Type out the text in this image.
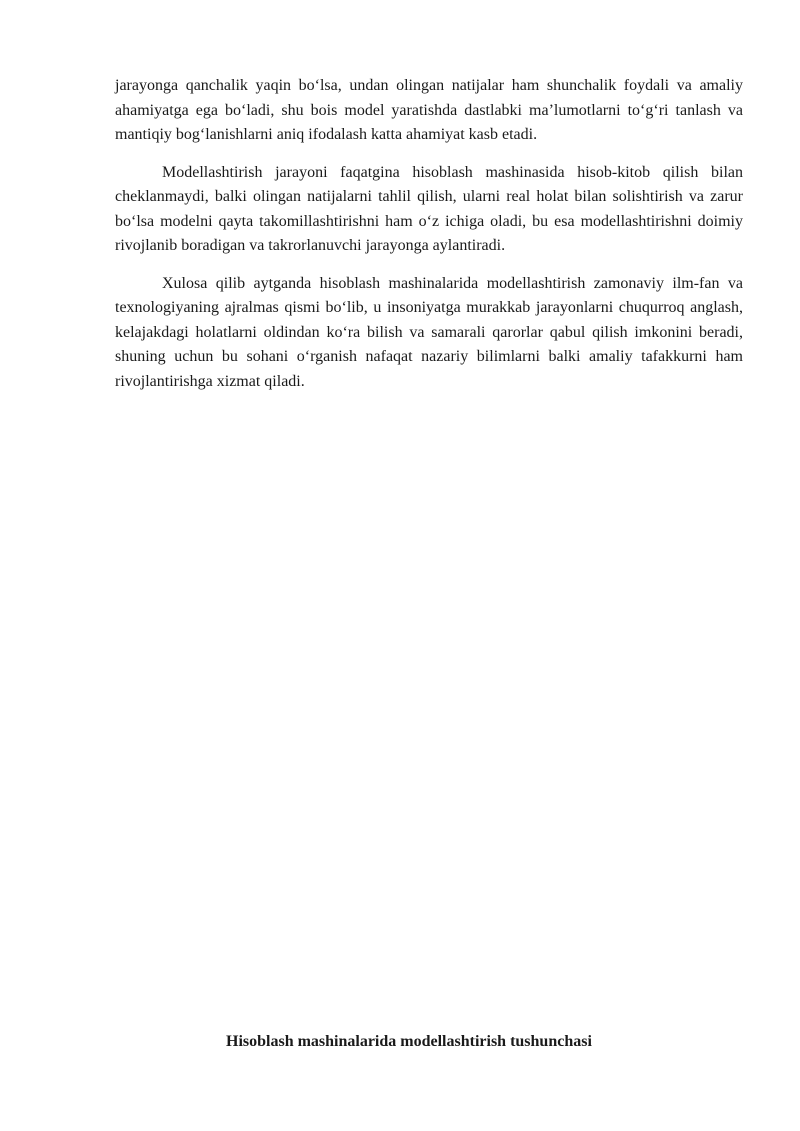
jarayonga qanchalik yaqin bo‘lsa, undan olingan natijalar ham shunchalik foydali va amaliy ahamiyatga ega bo‘ladi, shu bois model yaratishda dastlabki ma’lumotlarni to‘g‘ri tanlash va mantiqiy bog‘lanishlarni aniq ifodalash katta ahamiyat kasb etadi.

Modellashtirish jarayoni faqatgina hisoblash mashinasida hisob-kitob qilish bilan cheklanmaydi, balki olingan natijalarni tahlil qilish, ularni real holat bilan solishtirish va zarur bo‘lsa modelni qayta takomillashtirishni ham o‘z ichiga oladi, bu esa modellashtirishni doimiy rivojlanib boradigan va takrorlanuvchi jarayonga aylantiradi.

Xulosa qilib aytganda hisoblash mashinalarida modellashtirish zamonaviy ilm-fan va texnologiyaning ajralmas qismi bo‘lib, u insoniyatga murakkab jarayonlarni chuqurroq anglash, kelajakdagi holatlarni oldindan ko‘ra bilish va samarali qarorlar qabul qilish imkonini beradi, shuning uchun bu sohani o‘rganish nafaqat nazariy bilimlarni balki amaliy tafakkurni ham rivojlantirishga xizmat qiladi.

Hisoblash mashinalarida modellashtirish tushunchasi
